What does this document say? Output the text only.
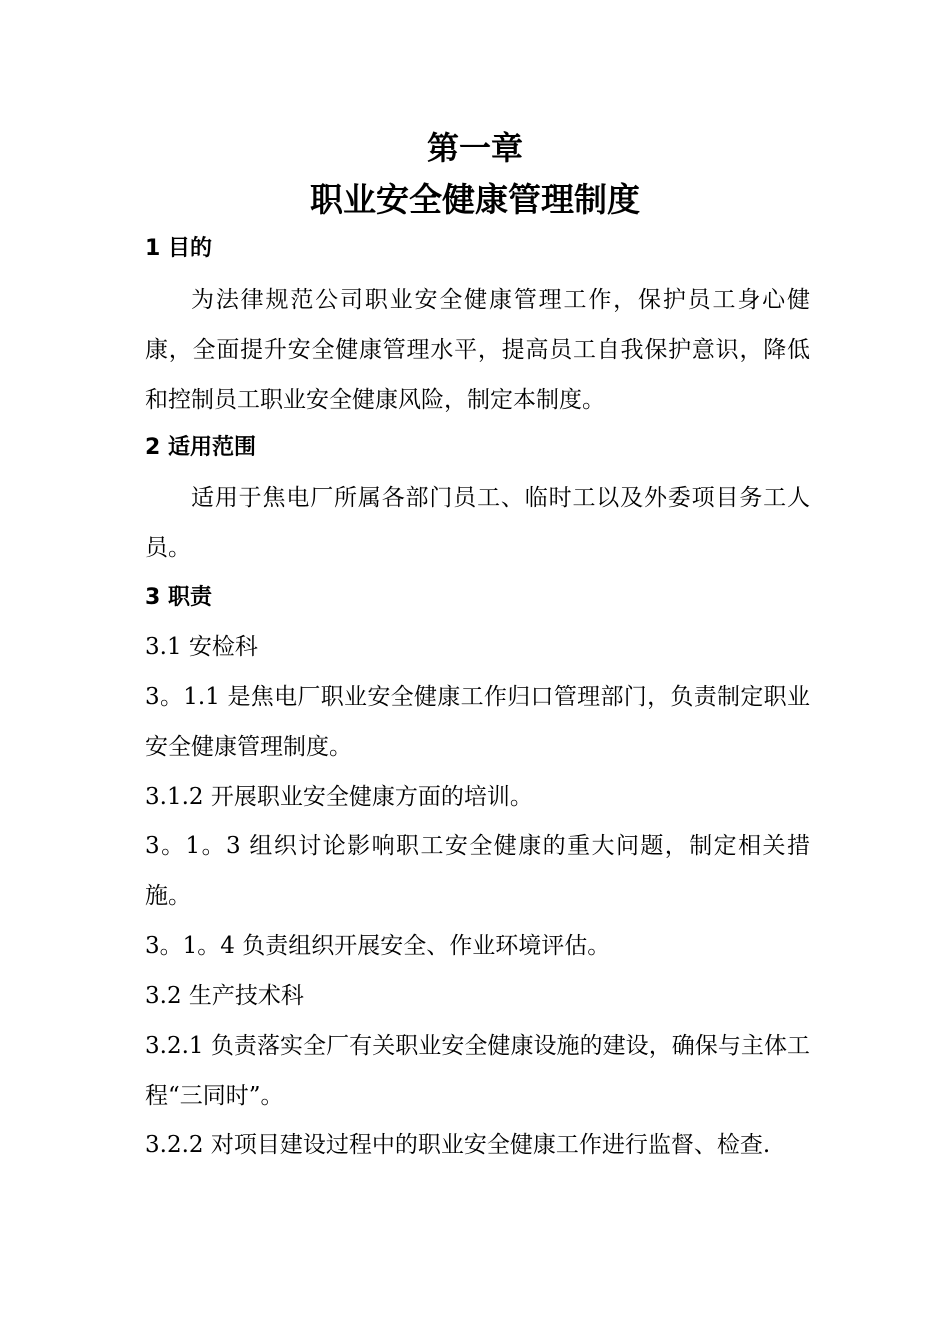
第一章
职业安全健康管理制度
1 目的

为法律规范公司职业安全健康管理工作，保护员工身心健康，全面提升安全健康管理水平，提高员工自我保护意识，降低和控制员工职业安全健康风险，制定本制度。

2 适用范围

适用于焦电厂所属各部门员工、临时工以及外委项目务工人员。

3 职责

3.1 安检科

3。1.1 是焦电厂职业安全健康工作归口管理部门，负责制定职业安全健康管理制度。

3.1.2 开展职业安全健康方面的培训。

3。1。3 组织讨论影响职工安全健康的重大问题，制定相关措施。

3。1。4 负责组织开展安全、作业环境评估。

3.2 生产技术科

3.2.1 负责落实全厂有关职业安全健康设施的建设，确保与主体工程“三同时”。

3.2.2 对项目建设过程中的职业安全健康工作进行监督、检查.
